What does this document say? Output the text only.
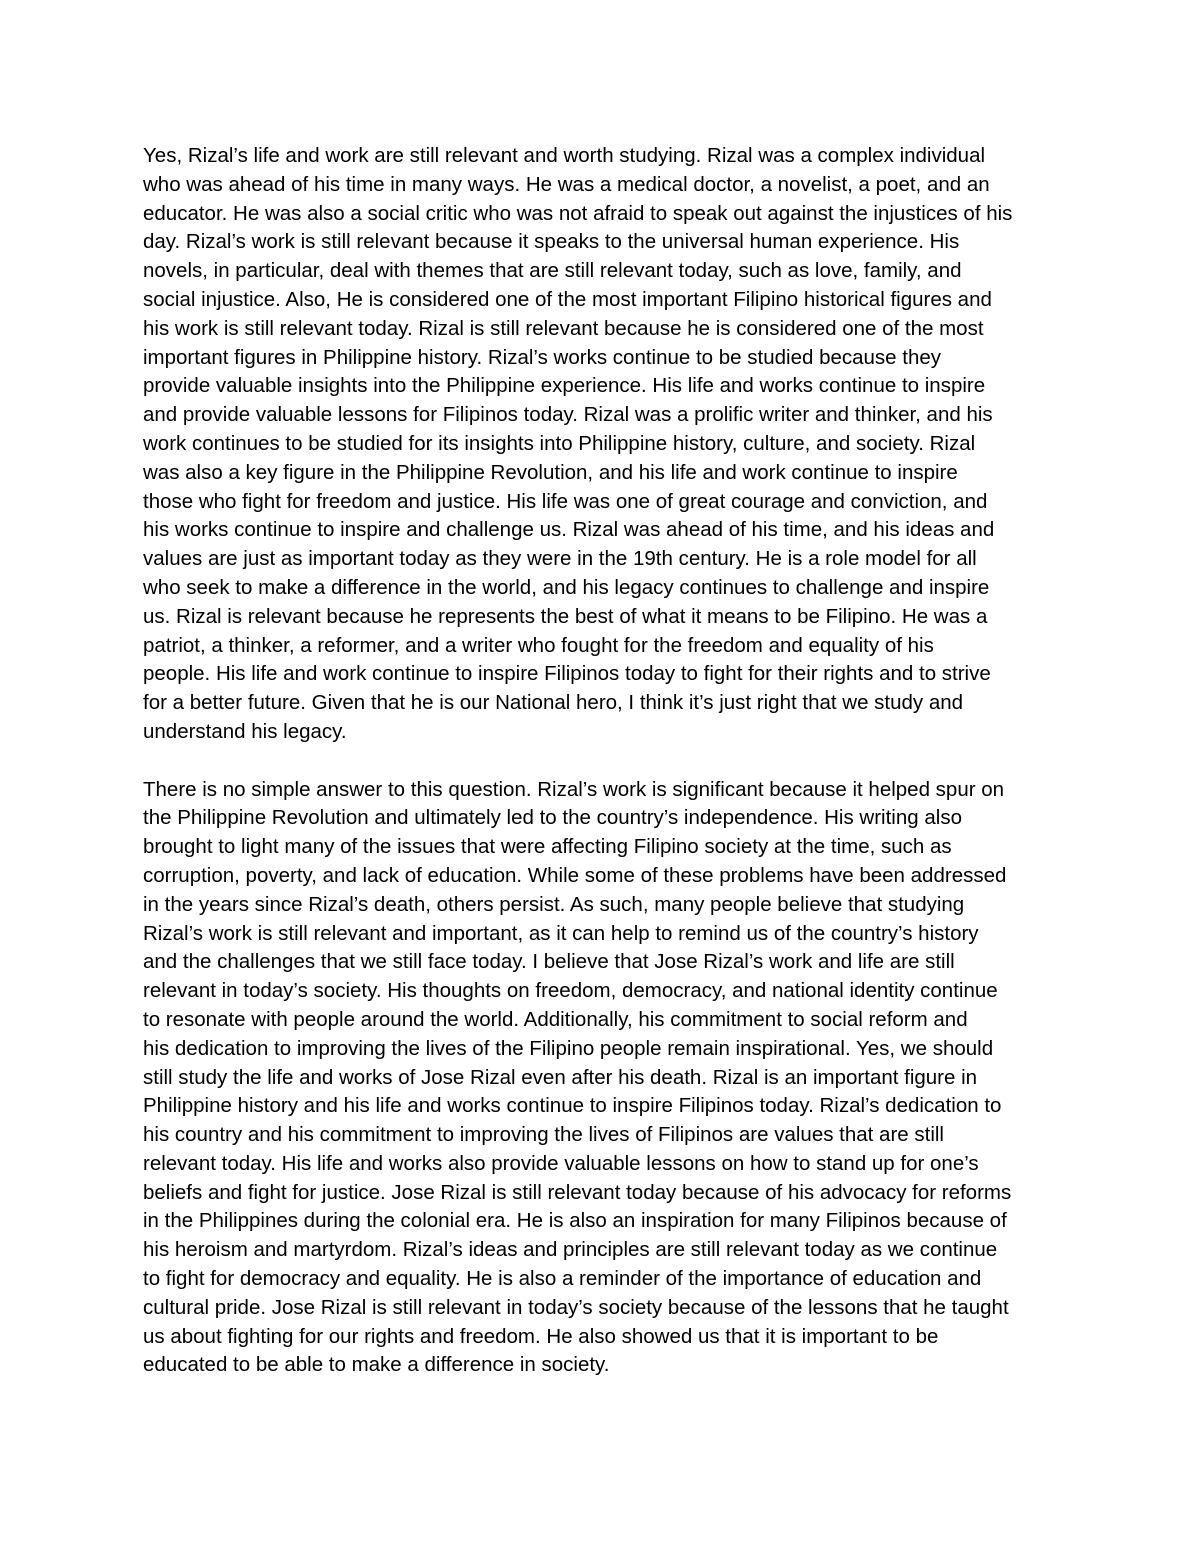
Yes, Rizal’s life and work are still relevant and worth studying. Rizal was a complex individual
who was ahead of his time in many ways. He was a medical doctor, a novelist, a poet, and an
educator. He was also a social critic who was not afraid to speak out against the injustices of his
day. Rizal’s work is still relevant because it speaks to the universal human experience. His
novels, in particular, deal with themes that are still relevant today, such as love, family, and
social injustice. Also, He is considered one of the most important Filipino historical figures and
his work is still relevant today. Rizal is still relevant because he is considered one of the most
important figures in Philippine history. Rizal’s works continue to be studied because they
provide valuable insights into the Philippine experience. His life and works continue to inspire
and provide valuable lessons for Filipinos today. Rizal was a prolific writer and thinker, and his
work continues to be studied for its insights into Philippine history, culture, and society. Rizal
was also a key figure in the Philippine Revolution, and his life and work continue to inspire
those who fight for freedom and justice. His life was one of great courage and conviction, and
his works continue to inspire and challenge us. Rizal was ahead of his time, and his ideas and
values are just as important today as they were in the 19th century. He is a role model for all
who seek to make a difference in the world, and his legacy continues to challenge and inspire
us. Rizal is relevant because he represents the best of what it means to be Filipino. He was a
patriot, a thinker, a reformer, and a writer who fought for the freedom and equality of his
people. His life and work continue to inspire Filipinos today to fight for their rights and to strive
for a better future. Given that he is our National hero, I think it’s just right that we study and
understand his legacy.
There is no simple answer to this question. Rizal’s work is significant because it helped spur on
the Philippine Revolution and ultimately led to the country’s independence. His writing also
brought to light many of the issues that were affecting Filipino society at the time, such as
corruption, poverty, and lack of education. While some of these problems have been addressed
in the years since Rizal’s death, others persist. As such, many people believe that studying
Rizal’s work is still relevant and important, as it can help to remind us of the country’s history
and the challenges that we still face today. I believe that Jose Rizal’s work and life are still
relevant in today’s society. His thoughts on freedom, democracy, and national identity continue
to resonate with people around the world. Additionally, his commitment to social reform and
his dedication to improving the lives of the Filipino people remain inspirational. Yes, we should
still study the life and works of Jose Rizal even after his death. Rizal is an important figure in
Philippine history and his life and works continue to inspire Filipinos today. Rizal’s dedication to
his country and his commitment to improving the lives of Filipinos are values that are still
relevant today. His life and works also provide valuable lessons on how to stand up for one’s
beliefs and fight for justice. Jose Rizal is still relevant today because of his advocacy for reforms
in the Philippines during the colonial era. He is also an inspiration for many Filipinos because of
his heroism and martyrdom. Rizal’s ideas and principles are still relevant today as we continue
to fight for democracy and equality. He is also a reminder of the importance of education and
cultural pride. Jose Rizal is still relevant in today’s society because of the lessons that he taught
us about fighting for our rights and freedom. He also showed us that it is important to be
educated to be able to make a difference in society.
